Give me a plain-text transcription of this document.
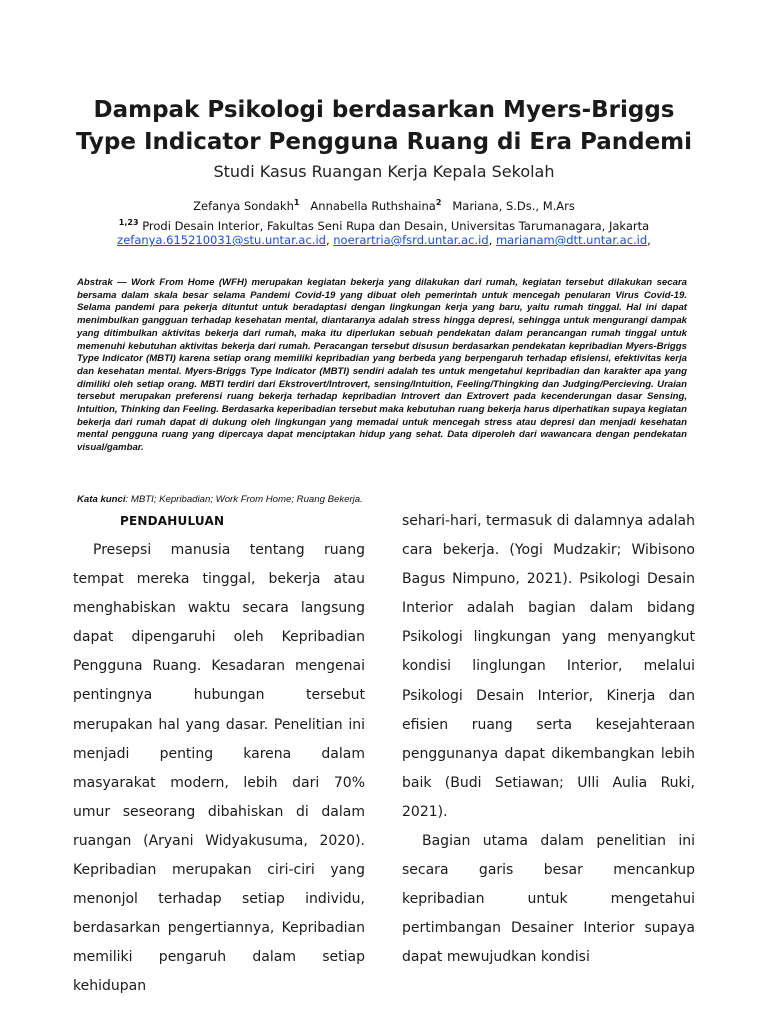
Dampak Psikologi berdasarkan Myers-Briggs Type Indicator Pengguna Ruang di Era Pandemi
Studi Kasus Ruangan Kerja Kepala Sekolah
Zefanya Sondakh$^1$ Annabella Ruthshaina$^2$ Mariana, S.Ds., M.Ars
$^{1,23}$ Prodi Desain Interior, Fakultas Seni Rupa dan Desain, Universitas Tarumanagara, Jakarta
zefanya.615210031@stu.untar.ac.id, noerartria@fsrd.untar.ac.id, marianam@dtt.untar.ac.id,

Abstrak — Work From Home (WFH) merupakan kegiatan bekerja yang dilakukan dari rumah, kegiatan tersebut dilakukan secara bersama dalam skala besar selama Pandemi Covid-19 yang dibuat oleh pemerintah untuk mencegah penularan Virus Covid-19. Selama pandemi para pekerja dituntut untuk beradaptasi dengan lingkungan kerja yang baru, yaitu rumah tinggal. Hal ini dapat menimbulkan gangguan terhadap kesehatan mental, diantaranya adalah stress hingga depresi, sehingga untuk mengurangi dampak yang ditimbulkan aktivitas bekerja dari rumah, maka itu diperlukan sebuah pendekatan dalam perancangan rumah tinggal untuk memenuhi kebutuhan aktivitas bekerja dari rumah. Peracangan tersebut disusun berdasarkan pendekatan kepribadian Myers-Briggs Type Indicator (MBTI) karena setiap orang memiliki kepribadian yang berbeda yang berpengaruh terhadap efisiensi, efektivitas kerja dan kesehatan mental. Myers-Briggs Type Indicator (MBTI) sendiri adalah tes untuk mengetahui kepribadian dan karakter apa yang dimiliki oleh setiap orang. MBTI terdiri dari Ekstrovert/Introvert, sensing/Intuition, Feeling/Thingking dan Judging/Percieving. Uraian tersebut merupakan preferensi ruang bekerja terhadap kepribadian Introvert dan Extrovert pada kecenderungan dasar Sensing, Intuition, Thinking dan Feeling. Berdasarka keperibadian tersebut maka kebutuhan ruang bekerja harus diperhatikan supaya kegiatan bekerja dari rumah dapat di dukung oleh lingkungan yang memadai untuk mencegah stress atau depresi dan menjadi kesehatan mental pengguna ruang yang dipercaya dapat menciptakan hidup yang sehat. Data diperoleh dari wawancara dengan pendekatan visual/gambar.

Kata kunci: MBTI; Kepribadian; Work From Home; Ruang Bekerja.

PENDAHULUAN

Presepsi manusia tentang ruang tempat mereka tinggal, bekerja atau menghabiskan waktu secara langsung dapat dipengaruhi oleh Kepribadian Pengguna Ruang. Kesadaran mengenai pentingnya hubungan tersebut merupakan hal yang dasar. Penelitian ini menjadi penting karena dalam masyarakat modern, lebih dari 70% umur seseorang dibahiskan di dalam ruangan (Aryani Widyakusuma, 2020). Kepribadian merupakan ciri-ciri yang menonjol terhadap setiap individu, berdasarkan pengertiannya, Kepribadian memiliki pengaruh dalam setiap kehidupan

sehari-hari, termasuk di dalamnya adalah cara bekerja. (Yogi Mudzakir; Wibisono Bagus Nimpuno, 2021). Psikologi Desain Interior adalah bagian dalam bidang Psikologi lingkungan yang menyangkut kondisi linglungan Interior, melalui Psikologi Desain Interior, Kinerja dan efisien ruang serta kesejahteraan penggunanya dapat dikembangkan lebih baik (Budi Setiawan; Ulli Aulia Ruki, 2021).

Bagian utama dalam penelitian ini secara garis besar mencankup kepribadian untuk mengetahui pertimbangan Desainer Interior supaya dapat mewujudkan kondisi
